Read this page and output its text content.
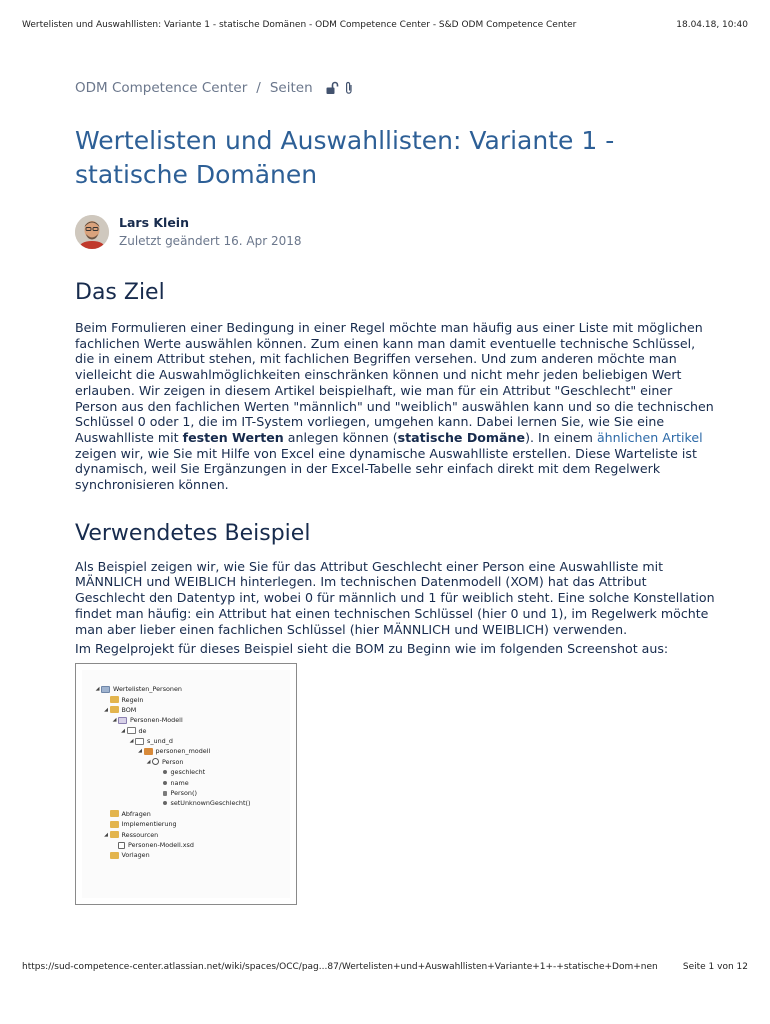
Wertelisten und Auswahllisten: Variante 1 - statische Domänen - ODM Competence Center - S&D ODM Competence Center	18.04.18, 10:40
ODM Competence Center / Seiten
Wertelisten und Auswahllisten: Variante 1 - statische Domänen
Lars Klein
Zuletzt geändert 16. Apr 2018
Das Ziel

Beim Formulieren einer Bedingung in einer Regel möchte man häufig aus einer Liste mit möglichen fachlichen Werte auswählen können. Zum einen kann man damit eventuelle technische Schlüssel, die in einem Attribut stehen, mit fachlichen Begriffen versehen. Und zum anderen möchte man vielleicht die Auswahlmöglichkeiten einschränken können und nicht mehr jeden beliebigen Wert erlauben. Wir zeigen in diesem Artikel beispielhaft, wie man für ein Attribut "Geschlecht" einer Person aus den fachlichen Werten "männlich" und "weiblich" auswählen kann und so die technischen Schlüssel 0 oder 1, die im IT-System vorliegen, umgehen kann. Dabei lernen Sie, wie Sie eine Auswahlliste mit festen Werten anlegen können (statische Domäne). In einem ähnlichen Artikel zeigen wir, wie Sie mit Hilfe von Excel eine dynamische Auswahlliste erstellen. Diese Warteliste ist dynamisch, weil Sie Ergänzungen in der Excel-Tabelle sehr einfach direkt mit dem Regelwerk synchronisieren können.

Verwendetes Beispiel

Als Beispiel zeigen wir, wie Sie für das Attribut Geschlecht einer Person eine Auswahlliste mit MÄNNLICH und WEIBLICH hinterlegen. Im technischen Datenmodell (XOM) hat das Attribut Geschlecht den Datentyp int, wobei 0 für männlich und 1 für weiblich steht. Eine solche Konstellation findet man häufig: ein Attribut hat einen technischen Schlüssel (hier 0 und 1), im Regelwerk möchte man aber lieber einen fachlichen Schlüssel (hier MÄNNLICH und WEIBLICH) verwenden.

Im Regelprojekt für dieses Beispiel sieht die BOM zu Beginn wie im folgenden Screenshot aus:

◢ Wertelisten_Personen
Regeln
◢ BOM
◢ Personen-Modell
◢ de
◢ s_und_d
◢ personen_modell
◢ Person
geschlecht
name
Person()
setUnknownGeschlecht()
Abfragen
Implementierung
◢ Ressourcen
Personen-Modell.xsd
Vorlagen
https://sud-competence-center.atlassian.net/wiki/spaces/OCC/pag...87/Wertelisten+und+Auswahllisten+Variante+1+-+statische+Dom+nen	Seite 1 von 12
